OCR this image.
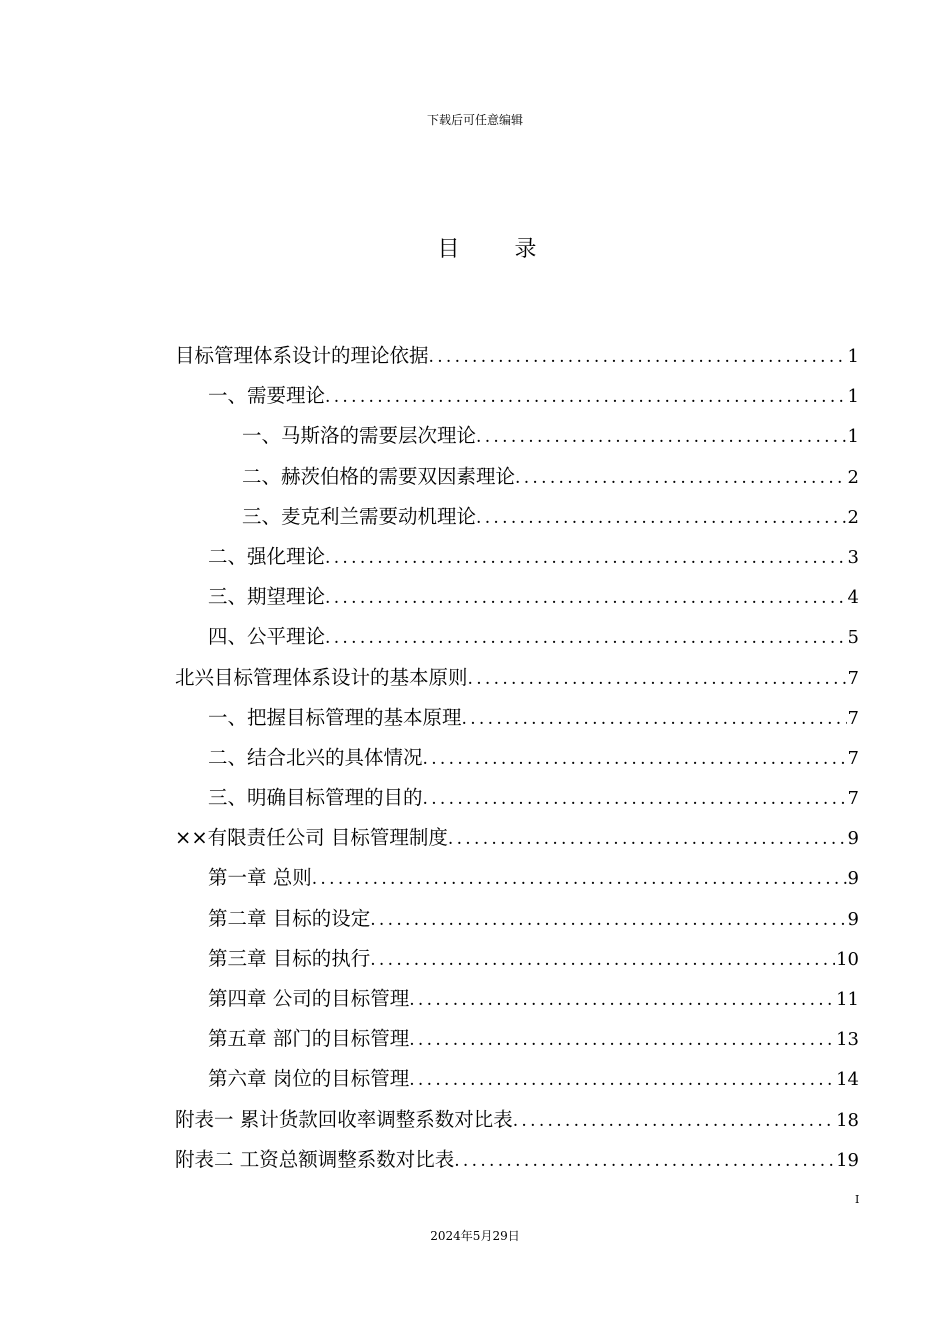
下载后可任意编辑
目 录
目标管理体系设计的理论依据 .....	1
一、需要理论 .....	1
一、马斯洛的需要层次理论 .....	1
二、赫茨伯格的需要双因素理论 .....	2
三、麦克利兰需要动机理论 .....	2
二、强化理论 .....	3
三、期望理论 .....	4
四、公平理论 .....	5
北兴目标管理体系设计的基本原则 .....	7
一、把握目标管理的基本原理 .....	7
二、结合北兴的具体情况 .....	7
三、明确目标管理的目的 .....	7
××有限责任公司 目标管理制度 .....	9
第一章 总则 .....	9
第二章 目标的设定 .....	9
第三章 目标的执行 .....	10
第四章 公司的目标管理 .....	11
第五章 部门的目标管理 .....	13
第六章 岗位的目标管理 .....	14
附表一 累计货款回收率调整系数对比表 .....	18
附表二 工资总额调整系数对比表 .....	19
I
2024年5月29日
